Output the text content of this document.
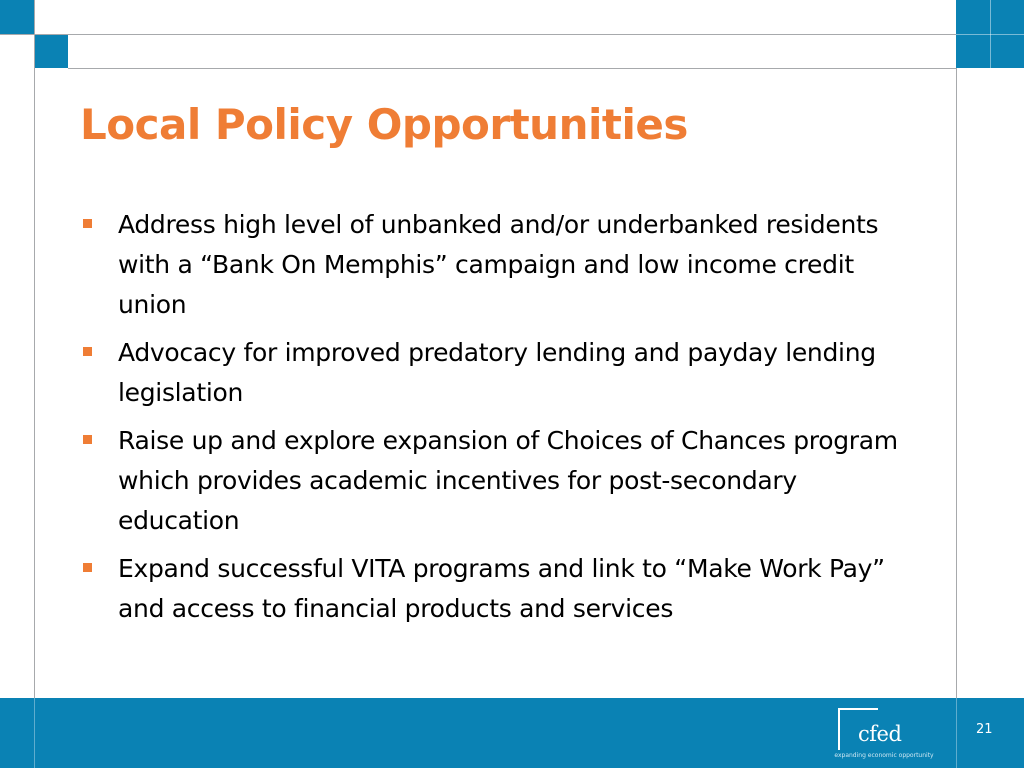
Local Policy Opportunities
Address high level of unbanked and/or underbanked residents with a “Bank On Memphis” campaign and low income credit union
Advocacy for improved predatory lending and payday lending legislation
Raise up and explore expansion of Choices of Chances program which provides academic incentives for post-secondary education
Expand successful VITA programs and link to “Make Work Pay” and access to financial products and services
cfed
expanding economic opportunity
21
